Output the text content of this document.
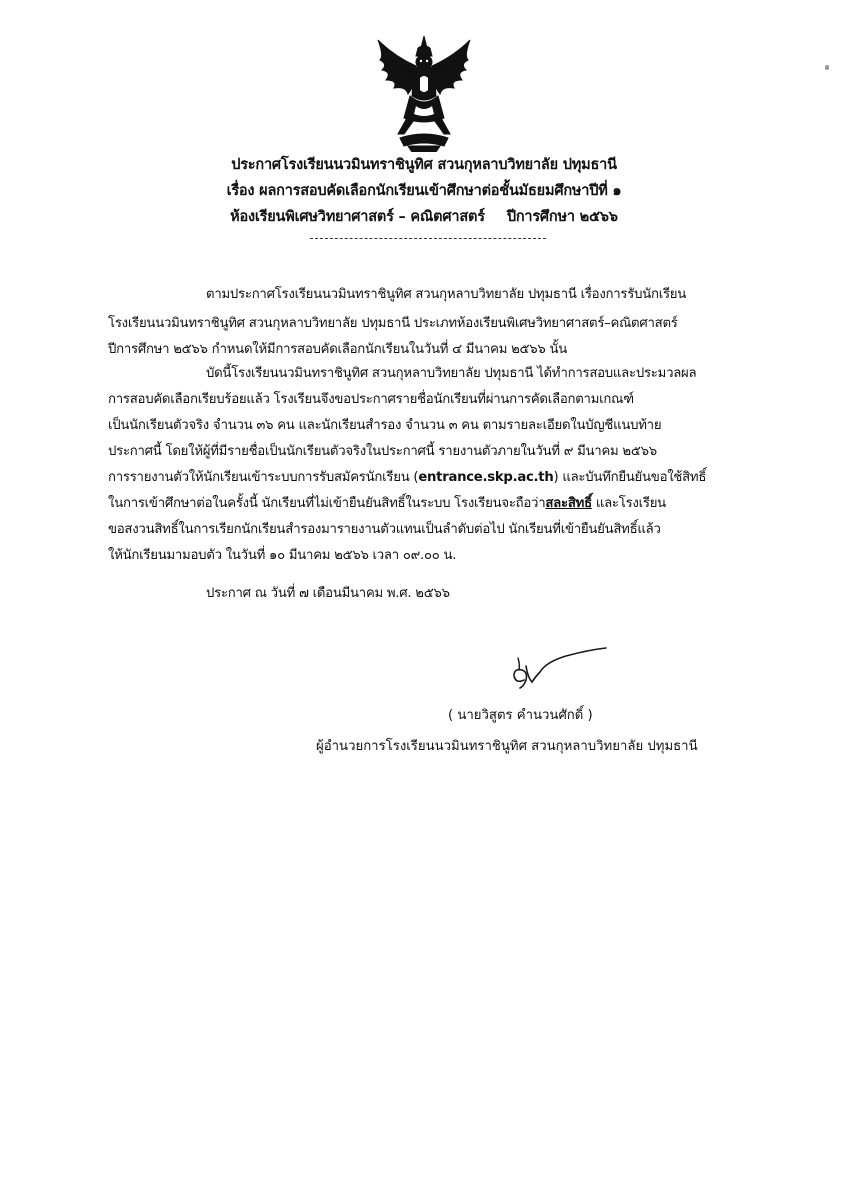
ประกาศโรงเรียนนวมินทราชินูทิศ สวนกุหลาบวิทยาลัย ปทุมธานี
เรื่อง ผลการสอบคัดเลือกนักเรียนเข้าศึกษาต่อชั้นมัธยมศึกษาปีที่ ๑
ห้องเรียนพิเศษวิทยาศาสตร์ – คณิตศาสตร์ ปีการศึกษา ๒๕๖๖
ตามประกาศโรงเรียนนวมินทราชินูทิศ สวนกุหลาบวิทยาลัย ปทุมธานี เรื่องการรับนักเรียน
โรงเรียนนวมินทราชินูทิศ สวนกุหลาบวิทยาลัย ปทุมธานี ประเภทห้องเรียนพิเศษวิทยาศาสตร์–คณิตศาสตร์
ปีการศึกษา ๒๕๖๖ กำหนดให้มีการสอบคัดเลือกนักเรียนในวันที่ ๔ มีนาคม ๒๕๖๖ นั้น
บัดนี้โรงเรียนนวมินทราชินูทิศ สวนกุหลาบวิทยาลัย ปทุมธานี ได้ทำการสอบและประมวลผล
การสอบคัดเลือกเรียบร้อยแล้ว โรงเรียนจึงขอประกาศรายชื่อนักเรียนที่ผ่านการคัดเลือกตามเกณฑ์
เป็นนักเรียนตัวจริง จำนวน ๓๖ คน และนักเรียนสำรอง จำนวน ๓ คน ตามรายละเอียดในบัญชีแนบท้าย
ประกาศนี้ โดยให้ผู้ที่มีรายชื่อเป็นนักเรียนตัวจริงในประกาศนี้ รายงานตัวภายในวันที่ ๙ มีนาคม ๒๕๖๖
การรายงานตัวให้นักเรียนเข้าระบบการรับสมัครนักเรียน (entrance.skp.ac.th) และบันทึกยืนยันขอใช้สิทธิ์
ในการเข้าศึกษาต่อในครั้งนี้ นักเรียนที่ไม่เข้ายืนยันสิทธิ์ในระบบ โรงเรียนจะถือว่าสละสิทธิ์ และโรงเรียน
ขอสงวนสิทธิ์ในการเรียกนักเรียนสำรองมารายงานตัวแทนเป็นลำดับต่อไป นักเรียนที่เข้ายืนยันสิทธิ์แล้ว
ให้นักเรียนมามอบตัว ในวันที่ ๑๐ มีนาคม ๒๕๖๖ เวลา ๐๙.๐๐ น.
ประกาศ ณ วันที่ ๗ เดือนมีนาคม พ.ศ. ๒๕๖๖
( นายวิสูตร คำนวนศักดิ์ )
ผู้อำนวยการโรงเรียนนวมินทราชินูทิศ สวนกุหลาบวิทยาลัย ปทุมธานี
